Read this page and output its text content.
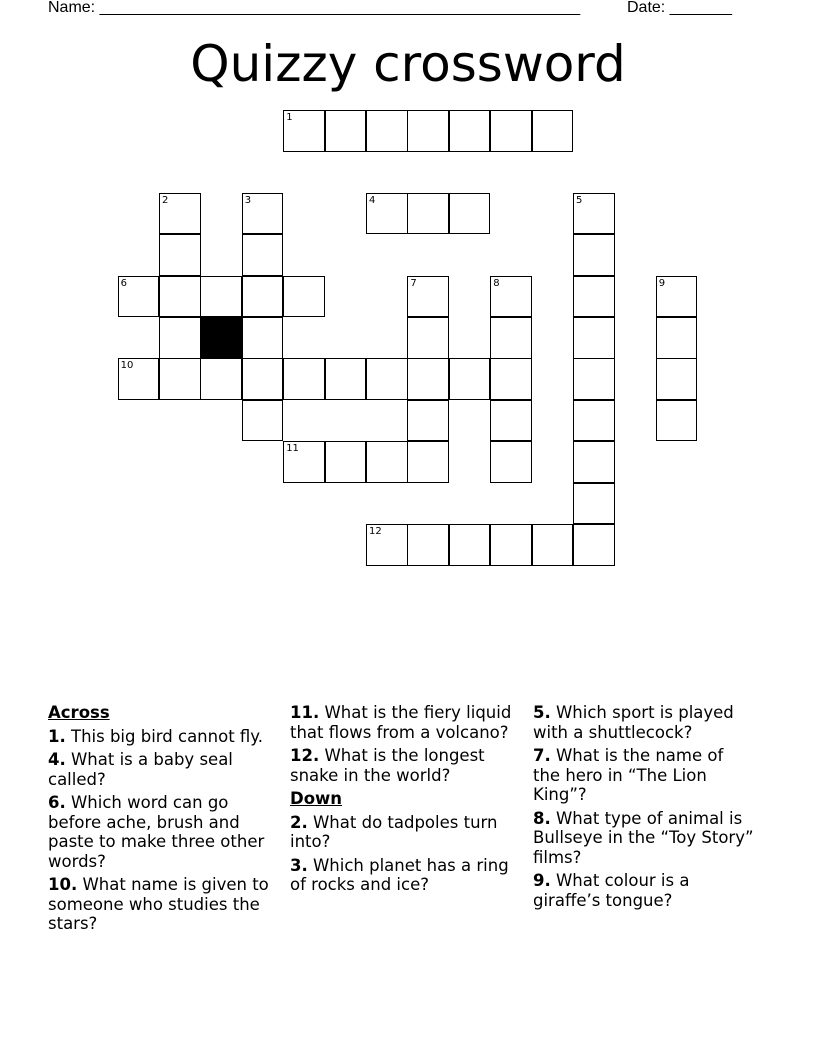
Name: ______________________________________________________	Date: _______
Quizzy crossword
1
2	3	4	5
6	7	8	9
10
11
12
Across
1. This big bird cannot fly.
4. What is a baby seal called?
6. Which word can go before ache, brush and paste to make three other words?
10. What name is given to someone who studies the stars?
11. What is the fiery liquid that flows from a volcano?
12. What is the longest snake in the world?
Down
2. What do tadpoles turn into?
3. Which planet has a ring of rocks and ice?
5. Which sport is played with a shuttlecock?
7. What is the name of the hero in “The Lion King”?
8. What type of animal is Bullseye in the “Toy Story” films?
9. What colour is a giraffe’s tongue?
